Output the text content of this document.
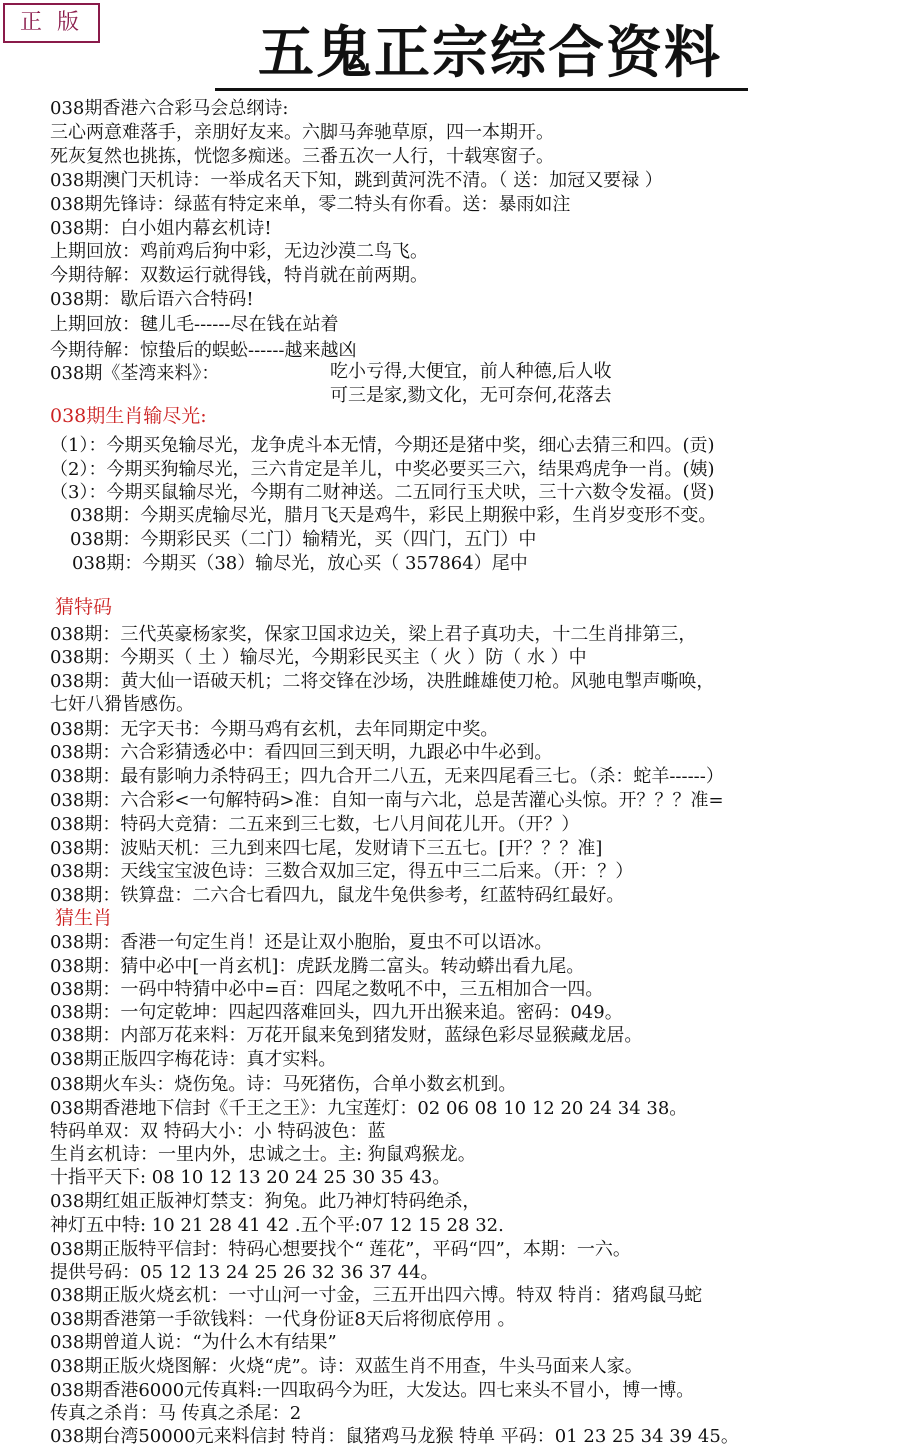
正 版	五鬼正宗综合资料
038期香港六合彩马会总纲诗:
三心两意难落手，亲朋好友来。六脚马奔驰草原，四一本期开。
死灰复然也挑拣，恍惚多痴迷。三番五次一人行，十载寒窗子。
038期澳门天机诗：一举成名天下知，跳到黄河洗不清。（ 送：加冠又要禄 ）
038期先锋诗：绿蓝有特定来单，零二特头有你看。送：暴雨如注
038期：白小姐内幕玄机诗!
上期回放：鸡前鸡后狗中彩，无边沙漠二鸟飞。
今期待解：双数运行就得钱，特肖就在前两期。
038期：歇后语六合特码!
上期回放：毽儿毛------尽在钱在站着
今期待解：惊蛰后的蜈蚣------越来越凶
038期《荃湾来料》：	吃小亏得,大便宜，前人种德,后人收
可三是家,勠文化，无可奈何,花落去
038期生肖输尽光:
（1）：今期买兔输尽光，龙争虎斗本无情，今期还是猪中奖，细心去猜三和四。(贡)
（2）：今期买狗输尽光，三六肯定是羊儿，中奖必要买三六，结果鸡虎争一肖。(姨)
（3）：今期买鼠输尽光，今期有二财神送。二五同行玉犬吠，三十六数令发福。(贤)
038期：今期买虎输尽光，腊月飞天是鸡牛，彩民上期猴中彩，生肖岁变形不变。
038期：今期彩民买（二门）输精光，买（四门，五门）中
038期：今期买（38）输尽光，放心买（ 357864）尾中
猜特码
038期：三代英豪杨家奖，保家卫国求边关，梁上君子真功夫，十二生肖排第三，
038期：今期买（ 土 ）输尽光，今期彩民买主（ 火 ）防（ 水 ）中
038期：黄大仙一语破天机；二将交锋在沙场，决胜雌雄使刀枪。风驰电掣声嘶唤，
七奸八猾皆感伤。
038期：无字天书：今期马鸡有玄机，去年同期定中奖。
038期：六合彩猜透必中：看四回三到天明，九跟必中牛必到。
038期：最有影响力杀特码王；四九合开二八五，无来四尾看三七。（杀：蛇羊------）
038期：六合彩<一句解特码>准：自知一南与六北，总是苦灌心头惊。开？？？准=
038期：特码大竞猜：二五来到三七数，七八月间花儿开。（开？）
038期：波贴天机：三九到来四七尾，发财请下三五七。[开？？？准]
038期：天线宝宝波色诗：三数合双加三定，得五中三二后来。（开：？）
038期：铁算盘：二六合七看四九，鼠龙牛兔供参考，红蓝特码红最好。
猜生肖
038期：香港一句定生肖！还是让双小胞胎，夏虫不可以语冰。
038期：猜中必中[一肖玄机]：虎跃龙腾二富头。转动蟒出看九尾。
038期：一码中特猜中必中=百：四尾之数吼不中，三五相加合一四。
038期：一句定乾坤：四起四落难回头，四九开出猴来追。密码：049。
038期：内部万花来料：万花开鼠来兔到猪发财，蓝绿色彩尽显猴藏龙居。
038期正版四字梅花诗：真才实料。
038期火车头：烧伤兔。诗：马死猪伤，合单小数玄机到。
038期香港地下信封《千王之王》：九宝莲灯：02 06 08 10 12 20 24 34 38。
特码单双：双 特码大小：小 特码波色：蓝
生肖玄机诗：一里内外，忠诚之士。主: 狗鼠鸡猴龙。
十指平天下: 08 10 12 13 20 24 25 30 35 43。
038期红姐正版神灯禁支：狗兔。此乃神灯特码绝杀，
神灯五中特: 10 21 28 41 42 .五个平:07 12 15 28 32.
038期正版特平信封：特码心想要找个“ 莲花”，平码“四”，本期：一六。
提供号码：05 12 13 24 25 26 32 36 37 44。
038期正版火烧玄机：一寸山河一寸金，三五开出四六博。特双 特肖：猪鸡鼠马蛇
038期香港第一手欲钱料：一代身份证8天后将彻底停用 。
038期曾道人说：“为什么木有结果”
038期正版火烧图解：火烧“虎”。诗：双蓝生肖不用查，牛头马面来人家。
038期香港6000元传真料:一四取码今为旺，大发达。四七来头不冒小，博一博。
传真之杀肖：马 传真之杀尾：2
038期台湾50000元来料信封 特肖：鼠猪鸡马龙猴 特单 平码：01 23 25 34 39 45。
